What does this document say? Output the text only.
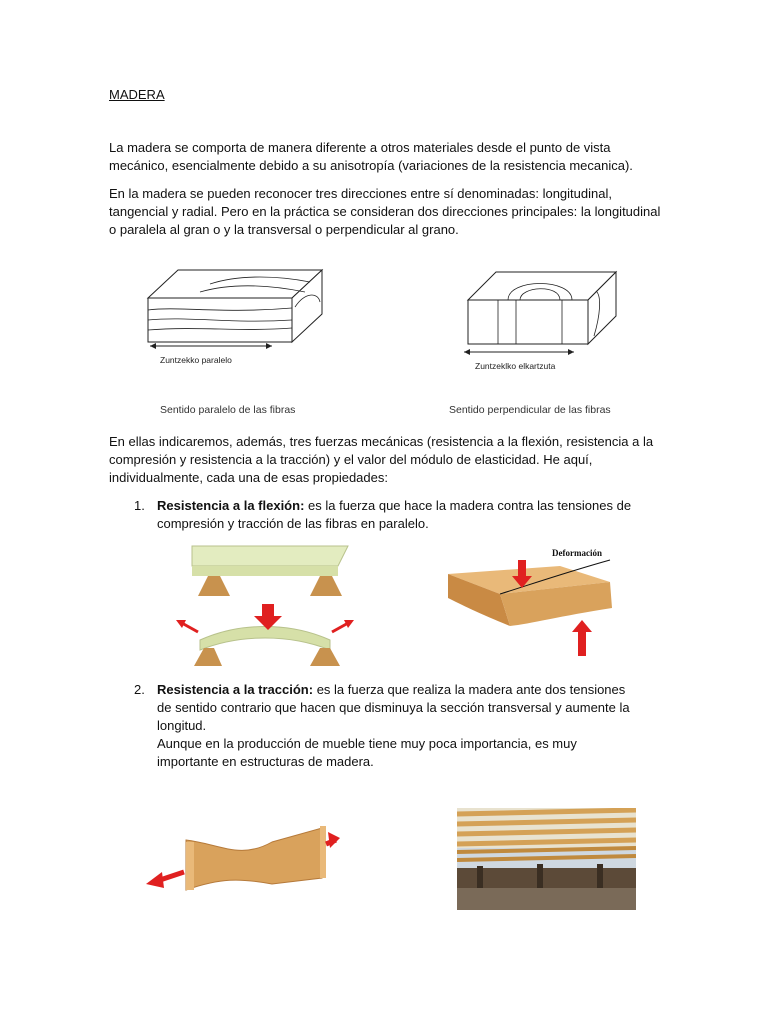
MADERA
La madera se comporta de manera diferente a otros materiales desde el punto de vista mecánico, esencialmente debido a su anisotropía (variaciones de la resistencia mecanica).
En la madera se pueden reconocer tres direcciones entre sí denominadas: longitudinal, tangencial y radial. Pero en la práctica se consideran dos direcciones principales: la longitudinal o paralela al gran o y la transversal o perpendicular al grano.
Zuntzekko paralelo
Zuntzeklko elkartzuta
Sentido paralelo de las fibras	Sentido perpendicular de las fibras
En ellas indicaremos, además, tres fuerzas mecánicas (resistencia a la flexión, resistencia a la compresión y resistencia a la tracción) y el valor del módulo de elasticidad. He aquí, individualmente, cada una de esas propiedades:
1. Resistencia a la flexión: es la fuerza que hace la madera contra las tensiones de compresión y tracción de las fibras en paralelo.
Deformación
2. Resistencia a la tracción: es la fuerza que realiza la madera ante dos tensiones de sentido contrario que hacen que disminuya la sección transversal y aumente la longitud.
Aunque en la producción de mueble tiene muy poca importancia, es muy importante en estructuras de madera.
